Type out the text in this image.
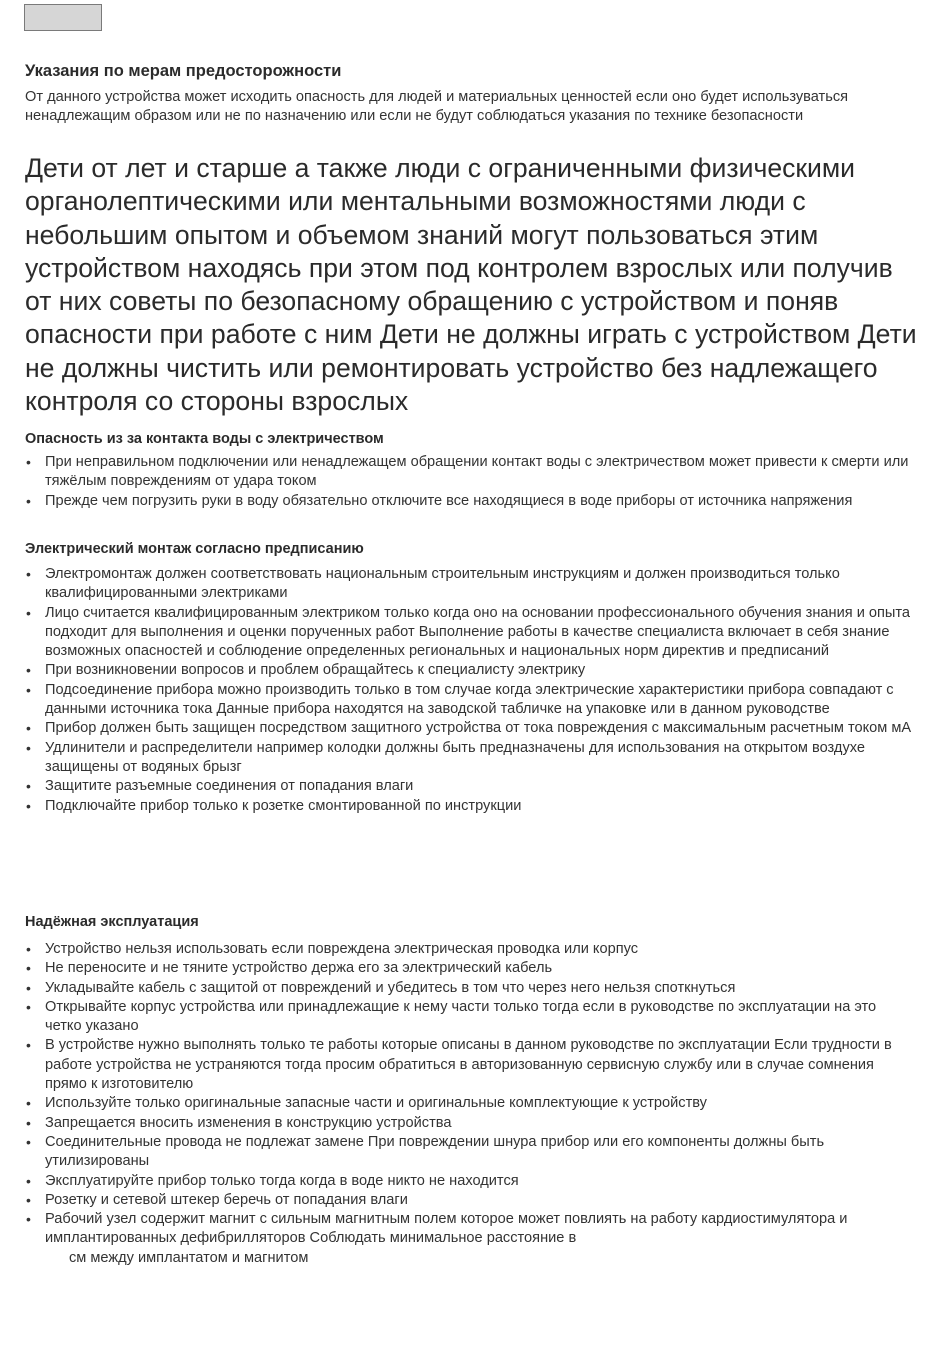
Указания по мерам предосторожности

От данного устройства может исходить опасность для людей и материальных ценностей если оно будет используваться ненадлежащим образом или не по назначению или если не будут соблюдаться указания по технике безопасности

Дети от лет и старше а также люди с ограниченными физическими органолептическими или ментальными возможностями люди с небольшим опытом и объемом знаний могут пользоваться этим устройством находясь при этом под контролем взрослых или получив от них советы по безопасному обращению с устройством и поняв опасности при работе с ним Дети не должны играть с устройством Дети не должны чистить или ремонтировать устройство без надлежащего контроля со стороны взрослых

Опасность из за контакта воды с электричеством
• При неправильном подключении или ненадлежащем обращении контакт воды с электричеством может привести к смерти или тяжёлым повреждениям от удара током
• Прежде чем погрузить руки в воду обязательно отключите все находящиеся в воде приборы от источника напряжения
Электрический монтаж согласно предписанию
• Электромонтаж должен соответствовать национальным строительным инструкциям и должен производиться только квалифицированными электриками
• Лицо считается квалифицированным электриком только когда оно на основании профессионального обучения знания и опыта подходит для выполнения и оценки порученных работ Выполнение работы в качестве специалиста включает в себя знание возможных опасностей и соблюдение определенных региональных и национальных норм директив и предписаний
• При возникновении вопросов и проблем обращайтесь к специалисту электрику
• Подсоединение прибора можно производить только в том случае когда электрические характеристики прибора совпадают с данными источника тока Данные прибора находятся на заводской табличке на упаковке или в данном руководстве
• Прибор должен быть защищен посредством защитного устройства от тока повреждения с максимальным расчетным током мА
• Удлинители и распределители например колодки должны быть предназначены для использования на открытом воздухе защищены от водяных брызг
• Защитите разъемные соединения от попадания влаги
• Подключайте прибор только к розетке смонтированной по инструкции
Надёжная эксплуатация
• Устройство нельзя использовать если повреждена электрическая проводка или корпус
• Не переносите и не тяните устройство держа его за электрический кабель
• Укладывайте кабель с защитой от повреждений и убедитесь в том что через него нельзя споткнуться
• Открывайте корпус устройства или принадлежащие к нему части только тогда если в руководстве по эксплуатации на это четко указано
• В устройстве нужно выполнять только те работы которые описаны в данном руководстве по эксплуатации Если трудности в работе устройства не устраняются тогда просим обратиться в авторизованную сервисную службу или в случае сомнения прямо к изготовителю
• Используйте только оригинальные запасные части и оригинальные комплектующие к устройству
• Запрещается вносить изменения в конструкцию устройства
• Соединительные провода не подлежат замене При повреждении шнура прибор или его компоненты должны быть утилизированы
• Эксплуатируйте прибор только тогда когда в воде никто не находится
• Розетку и сетевой штекер беречь от попадания влаги
• Рабочий узел содержит магнит с сильным магнитным полем которое может повлиять на работу кардиостимулятора и имплантированных дефибрилляторов Соблюдать минимальное расстояние в
см между имплантатом и магнитом
